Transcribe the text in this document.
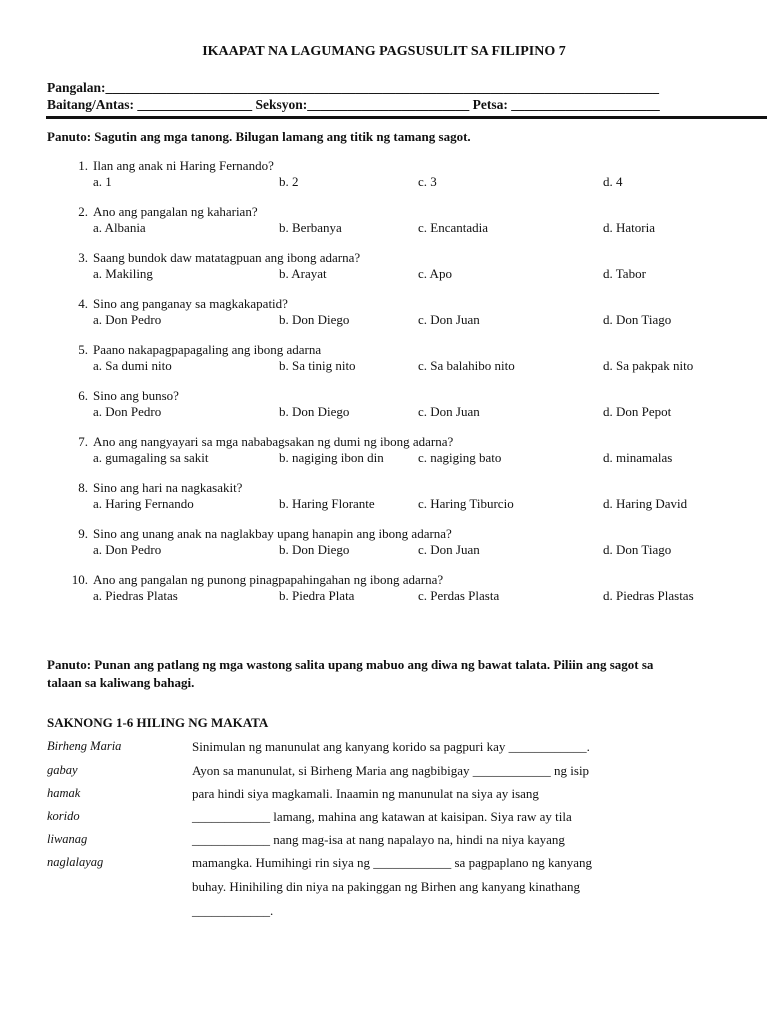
IKAAPAT NA LAGUMANG PAGSUSULIT SA FILIPINO 7
Pangalan:__________________________________________________________________________________
Baitang/Antas: _________________ Seksyon:________________________ Petsa: ______________________
Panuto: Sagutin ang mga tanong. Bilugan lamang ang titik ng tamang sagot.
1. Ilan ang anak ni Haring Fernando?
a. 1	b. 2	c. 3	d. 4
2. Ano ang pangalan ng kaharian?
a. Albania	b. Berbanya	c. Encantadia	d. Hatoria
3. Saang bundok daw matatagpuan ang ibong adarna?
a. Makiling	b. Arayat	c. Apo	d. Tabor
4. Sino ang panganay sa magkakapatid?
a. Don Pedro	b. Don Diego	c. Don Juan	d. Don Tiago
5. Paano nakapagpapagaling ang ibong adarna
a. Sa dumi nito	b. Sa tinig nito	c. Sa balahibo nito	d. Sa pakpak nito
6. Sino ang bunso?
a. Don Pedro	b. Don Diego	c. Don Juan	d. Don Pepot
7. Ano ang nangyayari sa mga nababagsakan ng dumi ng ibong adarna?
a. gumagaling sa sakit	b. nagiging ibon din	c. nagiging bato	d. minamalas
8. Sino ang hari na nagkasakit?
a. Haring Fernando	b. Haring Florante	c. Haring Tiburcio	d. Haring David
9. Sino ang unang anak na naglakbay upang hanapin ang ibong adarna?
a. Don Pedro	b. Don Diego	c. Don Juan	d. Don Tiago
10. Ano ang pangalan ng punong pinagpapahingahan ng ibong adarna?
a. Piedras Platas	b. Piedra Plata	c. Perdas Plasta	d. Piedras Plastas
Panuto: Punan ang patlang ng mga wastong salita upang mabuo ang diwa ng bawat talata. Piliin ang sagot sa
talaan sa kaliwang bahagi.
SAKNONG 1-6 HILING NG MAKATA
Birheng Maria
gabay
hamak
korido
liwanag
naglalayag
Sinimulan ng manunulat ang kanyang korido sa pagpuri kay ____________.
Ayon sa manunulat, si Birheng Maria ang nagbibigay ____________ ng isip
para hindi siya magkamali. Inaamin ng manunulat na siya ay isang
____________ lamang, mahina ang katawan at kaisipan. Siya raw ay tila
____________ nang mag-isa at nang napalayo na, hindi na niya kayang
mamangka. Humihingi rin siya ng ____________ sa pagpaplano ng kanyang
buhay. Hinihiling din niya na pakinggan ng Birhen ang kanyang kinathang
____________.
